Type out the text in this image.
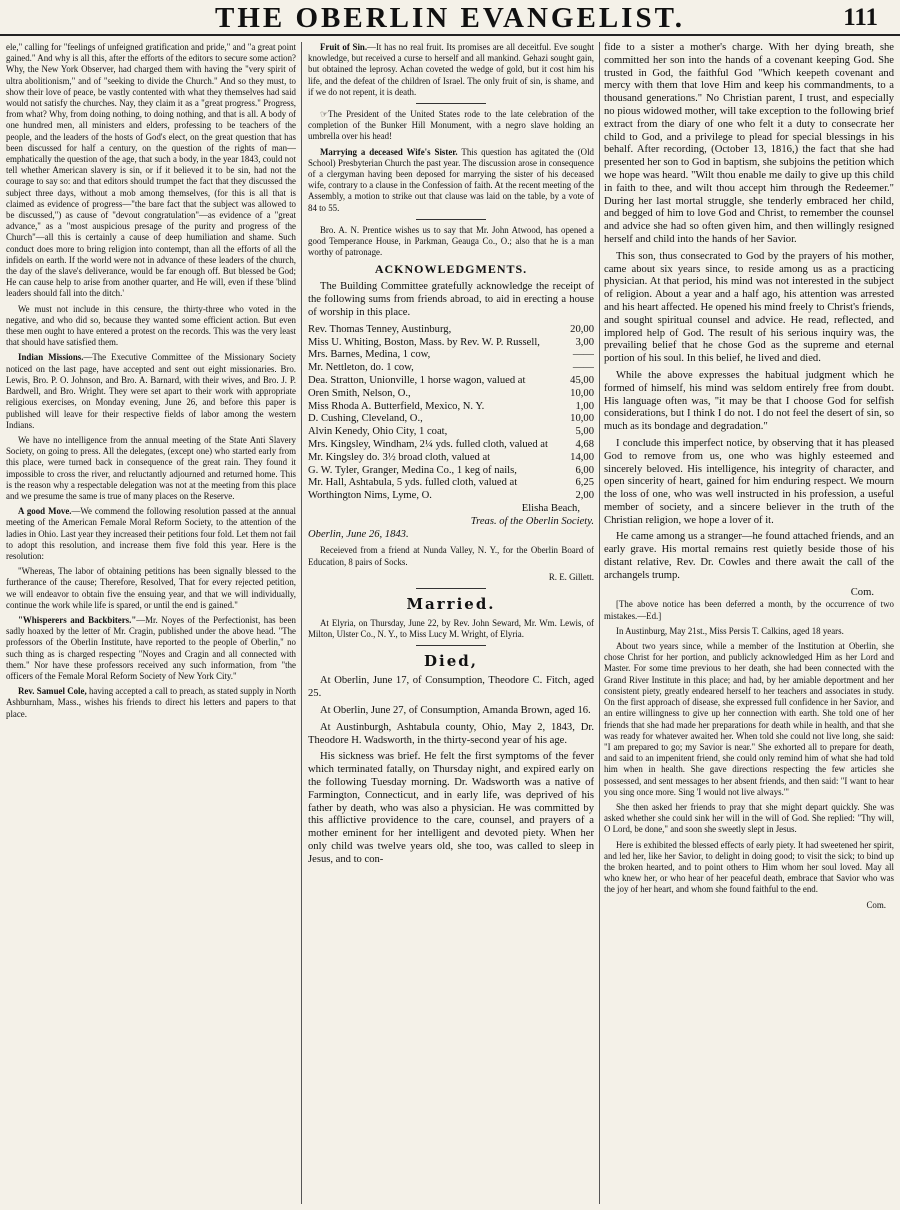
THE OBERLIN EVANGELIST.	111

ele," calling for "feelings of unfeigned gratification and pride," and "a great point gained." And why is all this, after the efforts of the editors to secure some action? Why, the New York Observer, had charged them with having the "very spirit of ultra abolitionism," and of "seeking to divide the Church." And so they must, to show their love of peace, be vastly contented with what they themselves had said would not satisfy the churches. Nay, they claim it as a "great progress." Progress, from what? Why, from doing nothing, to doing nothing, and that is all. A body of one hundred men, all ministers and elders, professing to be teachers of the people, and the leaders of the hosts of God's elect, on the great question that has been discussed for half a century, on the question of the rights of man—emphatically the question of the age, that such a body, in the year 1843, could not tell whether American slavery is sin, or if it believed it to be sin, had not the courage to say so: and that editors should trumpet the fact that they discussed the subject three days, without a mob among themselves, (for this is all that is claimed as evidence of progress—"the bare fact that the subject was allowed to be discussed,") as cause of "devout congratulation"—as evidence of a "great advance," as a "most auspicious presage of the purity and progress of the Church"—all this is certainly a cause of deep humiliation and shame. Such conduct does more to bring religion into contempt, than all the efforts of all the infidels on earth. If the world were not in advance of these leaders of the church, the day of the slave's deliverance, would be far enough off. But blessed be God; He can cause help to arise from another quarter, and He will, even if these 'blind leaders should fall into the ditch.'

We must not include in this censure, the thirty-three who voted in the negative, and who did so, because they wanted some efficient action. But even these men ought to have entered a protest on the records. This was the very least that should have satisfied them.

Indian Missions.—The Executive Committee of the Missionary Society noticed on the last page, have accepted and sent out eight missionaries. Bro. Lewis, Bro. P. O. Johnson, and Bro. A. Barnard, with their wives, and Bro. J. P. Bardwell, and Bro. Wright. They were set apart to their work with appropriate religious exercises, on Monday evening, June 26, and before this paper is published will leave for their respective fields of labor among the western Indians.

We have no intelligence from the annual meeting of the State Anti Slavery Society, on going to press. All the delegates, (except one) who started early from this place, were turned back in consequence of the great rain. They found it impossible to cross the river, and reluctantly adjourned and returned home. This is the reason why a respectable delegation was not at the meeting from this place and we presume the same is true of many places on the Reserve.

A good Move.—We commend the following resolution passed at the annual meeting of the American Female Moral Reform Society, to the attention of the ladies in Ohio. Last year they increased their petitions four fold. Let them not fail to adopt this resolution, and increase them five fold this year. Here is the resolution:

"Whereas, The labor of obtaining petitions has been signally blessed to the furtherance of the cause; Therefore, Resolved, That for every rejected petition, we will endeavor to obtain five the ensuing year, and that we will individually, continue the work while life is spared, or until the end is gained."

"Whisperers and Backbiters."—Mr. Noyes of the Perfectionist, has been sadly hoaxed by the letter of Mr. Cragin, published under the above head. "The professors of the Oberlin Institute, have reported to the people of Oberlin," no such thing as is charged respecting "Noyes and Cragin and all connected with them." Nor have these professors received any such information, from "the officers of the Female Moral Reform Society of New York City."

Rev. Samuel Cole, having accepted a call to preach, as stated supply in North Ashburnham, Mass., wishes his friends to direct his letters and papers to that place.

Fruit of Sin.—It has no real fruit. Its promises are all deceitful. Eve sought knowledge, but received a curse to herself and all mankind. Gehazi sought gain, but obtained the leprosy. Achan coveted the wedge of gold, but it cost him his life, and the defeat of the children of Israel. The only fruit of sin, is shame, and if we do not repent, it is death.

☞The President of the United States rode to the late celebration of the completion of the Bunker Hill Monument, with a negro slave holding an umbrella over his head!

Marrying a deceased Wife's Sister. This question has agitated the (Old School) Presbyterian Church the past year. The discussion arose in consequence of a clergyman having been deposed for marrying the sister of his deceased wife, contrary to a clause in the Confession of faith. At the recent meeting of the Assembly, a motion to strike out that clause was laid on the table, by a vote of 84 to 55.

Bro. A. N. Prentice wishes us to say that Mr. John Atwood, has opened a good Temperance House, in Parkman, Geauga Co., O.; also that he is a man worthy of patronage.

ACKNOWLEDGMENTS.

The Building Committee gratefully acknowledge the receipt of the following sums from friends abroad, to aid in erecting a house of worship in this place.

Rev. Thomas Tenney, Austinburg,	20,00
Miss U. Whiting, Boston, Mass. by Rev. W. P. Russell,	3,00
Mrs. Barnes, Medina, 1 cow,	——
Mr. Nettleton, do. 1 cow,	——
Dea. Stratton, Unionville, 1 horse wagon, valued at	45,00
Oren Smith, Nelson, O.,	10,00
Miss Rhoda A. Butterfield, Mexico, N. Y.	1,00
D. Cushing, Cleveland, O.,	10,00
Alvin Kenedy, Ohio City, 1 coat,	5,00
Mrs. Kingsley, Windham, 2¼ yds. fulled cloth, valued at	4,68
Mr. Kingsley do. 3½ broad cloth, valued at	14,00
G. W. Tyler, Granger, Medina Co., 1 keg of nails,	6,00
Mr. Hall, Ashtabula, 5 yds. fulled cloth, valued at	6,25
Worthington Nims, Lyme, O.	2,00
Elisha Beach,
Treas. of the Oberlin Society.

Oberlin, June 26, 1843.

Receieved from a friend at Nunda Valley, N. Y., for the Oberlin Board of Education, 8 pairs of Socks.

R. E. Gillett.
Married.

At Elyria, on Thursday, June 22, by Rev. John Seward, Mr. Wm. Lewis, of Milton, Ulster Co., N. Y., to Miss Lucy M. Wright, of Elyria.

Died,

At Oberlin, June 17, of Consumption, Theodore C. Fitch, aged 25.

At Oberlin, June 27, of Consumption, Amanda Brown, aged 16.

At Austinburgh, Ashtabula county, Ohio, May 2, 1843, Dr. Theodore H. Wadsworth, in the thirty-second year of his age.

His sickness was brief. He felt the first symptoms of the fever which terminated fatally, on Thursday night, and expired early on the following Tuesday morning. Dr. Wadsworth was a native of Farmington, Connecticut, and in early life, was deprived of his father by death, who was also a physician. He was committed by this afflictive providence to the care, counsel, and prayers of a mother eminent for her intelligent and devoted piety. When her only child was twelve years old, she too, was called to sleep in Jesus, and to con-

fide to a sister a mother's charge. With her dying breath, she committed her son into the hands of a covenant keeping God. She trusted in God, the faithful God "Which keepeth covenant and mercy with them that love Him and keep his commandments, to a thousand generations." No Christian parent, I trust, and especially no pious widowed mother, will take exception to the following brief extract from the diary of one who felt it a duty to consecrate her child to God, and a privilege to plead for special blessings in his behalf. After recording, (October 13, 1816,) the fact that she had presented her son to God in baptism, she subjoins the petition which we hope was heard. "Wilt thou enable me daily to give up this child in faith to thee, and wilt thou accept him through the Redeemer." During her last mortal struggle, she tenderly embraced her child, and begged of him to love God and Christ, to remember the counsel and advice she had so often given him, and then willingly resigned herself and child into the hands of her Savior.

This son, thus consecrated to God by the prayers of his mother, came about six years since, to reside among us as a practicing physician. At that period, his mind was not interested in the subject of religion. About a year and a half ago, his attention was arrested and his heart affected. He opened his mind freely to Christ's friends, and sought spiritual counsel and advice. He read, reflected, and implored help of God. The result of his serious inquiry was, the prevailing belief that he chose God as the supreme and eternal portion of his soul. In this belief, he lived and died.

While the above expresses the habitual judgment which he formed of himself, his mind was seldom entirely free from doubt. His language often was, "it may be that I choose God for selfish considerations, but I think I do not. I do not feel the desert of sin, so much as its bondage and degradation."

I conclude this imperfect notice, by observing that it has pleased God to remove from us, one who was highly esteemed and sincerely beloved. His intelligence, his integrity of character, and open sincerity of heart, gained for him enduring respect. We mourn the loss of one, who was well instructed in his profession, a useful member of society, and a sincere believer in the truth of the Christian religion, we hope a lover of it.

He came among us a stranger—he found attached friends, and an early grave. His mortal remains rest quietly beside those of his distant relative, Rev. Dr. Cowles and there await the call of the archangels trump.

Com.

[The above notice has been deferred a month, by the occurrence of two mistakes.—Ed.]

In Austinburg, May 21st., Miss Persis T. Calkins, aged 18 years.

About two years since, while a member of the Institution at Oberlin, she chose Christ for her portion, and publicly acknowledged Him as her Lord and Master. For some time previous to her death, she had been connected with the Grand River Institute in this place; and had, by her amiable deportment and her consistent piety, greatly endeared herself to her teachers and associates in study. On the first approach of disease, she expressed full confidence in her Savior, and an entire willingness to give up her connection with earth. She told one of her friends that she had made her preparations for death while in health, and that she was ready for whatever awaited her. When told she could not live long, she said: "I am prepared to go; my Savior is near." She exhorted all to prepare for death, and said to an impenitent friend, she could only remind him of what she had told him when in health. She gave directions respecting the few articles she possessed, and sent messages to her absent friends, and then said: "I want to hear you sing once more. Sing 'I would not live always.'"

She then asked her friends to pray that she might depart quickly. She was asked whether she could sink her will in the will of God. She replied: "Thy will, O Lord, be done," and soon she sweetly slept in Jesus.

Here is exhibited the blessed effects of early piety. It had sweetened her spirit, and led her, like her Savior, to delight in doing good; to visit the sick; to bind up the broken hearted, and to point others to Him whom her soul loved. May all who knew her, or who hear of her peaceful death, embrace that Savior who was the joy of her heart, and whom she found faithful to the end.

Com.
